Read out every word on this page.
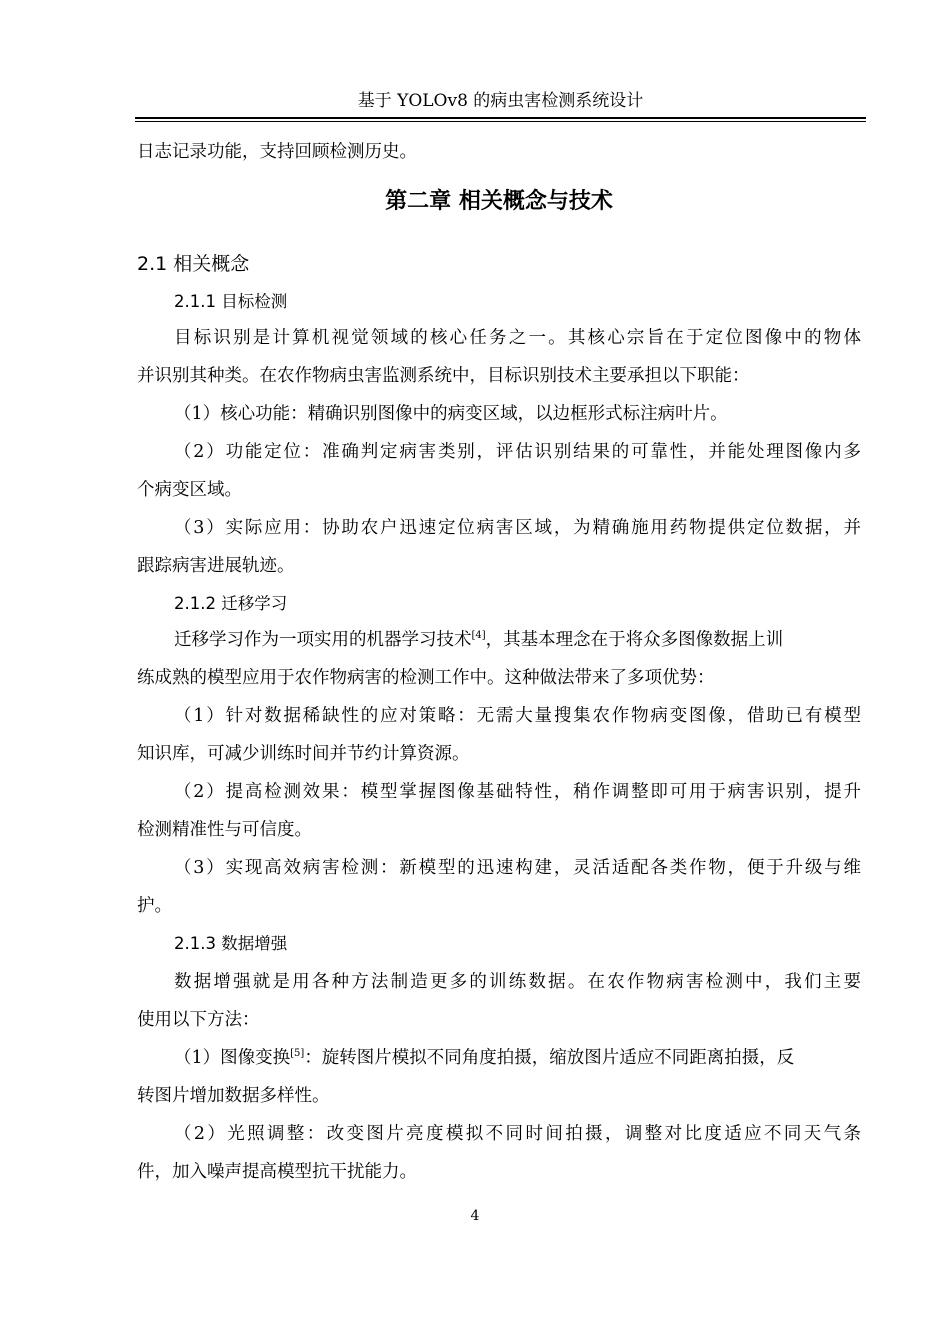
基于 YOLOv8 的病虫害检测系统设计
日志记录功能，支持回顾检测历史。
第二章 相关概念与技术
2.1 相关概念
2.1.1 目标检测
目标识别是计算机视觉领域的核心任务之一。其核心宗旨在于定位图像中的物体
并识别其种类。在农作物病虫害监测系统中，目标识别技术主要承担以下职能：
（1）核心功能：精确识别图像中的病变区域，以边框形式标注病叶片。
（2）功能定位：准确判定病害类别，评估识别结果的可靠性，并能处理图像内多
个病变区域。
（3）实际应用：协助农户迅速定位病害区域，为精确施用药物提供定位数据，并
跟踪病害进展轨迹。
2.1.2 迁移学习
迁移学习作为一项实用的机器学习技术[4]，其基本理念在于将众多图像数据上训
练成熟的模型应用于农作物病害的检测工作中。这种做法带来了多项优势：
（1）针对数据稀缺性的应对策略：无需大量搜集农作物病变图像，借助已有模型
知识库，可减少训练时间并节约计算资源。
（2）提高检测效果：模型掌握图像基础特性，稍作调整即可用于病害识别，提升
检测精准性与可信度。
（3）实现高效病害检测：新模型的迅速构建，灵活适配各类作物，便于升级与维
护。
2.1.3 数据增强
数据增强就是用各种方法制造更多的训练数据。在农作物病害检测中，我们主要
使用以下方法：
（1）图像变换[5]：旋转图片模拟不同角度拍摄，缩放图片适应不同距离拍摄，反
转图片增加数据多样性。
（2）光照调整：改变图片亮度模拟不同时间拍摄，调整对比度适应不同天气条
件，加入噪声提高模型抗干扰能力。
4
